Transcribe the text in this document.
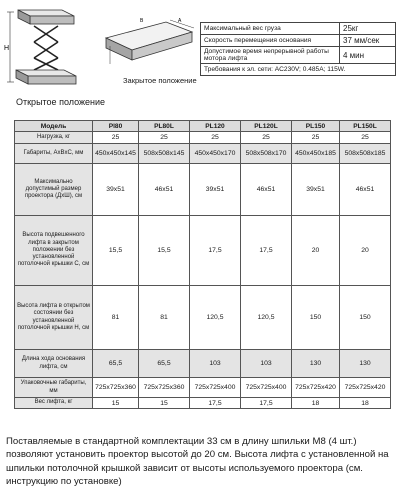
H
A
B
Закрытое положение
Открытое положение
Максимальный вес груза	25кг
Скорость перемещения основания	37 мм/сек
Допустимое время непрерывной работы мотора лифта	4 мин
Требования к эл. сети: AC230V; 0.485A; 115W.	
Модель	Pl80	PL80L	PL120	PL120L	PL150	PL150L
Нагрузка, кг	25	25	25	25	25	25
Габариты, AxBxC, мм	450x450x145	508x508x145	450x450x170	508x508x170	450x450x185	508x508x185
Максимально допустимый размер проектора (ДxШ), см	39x51	46x51	39x51	46x51	39x51	46x51
Высота подвешенного лифта в закрытом положении без установленной потолочной крышки C, см	15,5	15,5	17,5	17,5	20	20
Высота лифта в открытом состоянии без установленной потолочной крышки H, см	81	81	120,5	120,5	150	150
Длина хода основания лифта, см	65,5	65,5	103	103	130	130
Упаковочные габариты, мм	725x725x360	725x725x360	725x725x400	725x725x400	725x725x420	725x725x420
Вес лифта, кг	15	15	17,5	17,5	18	18
Поставляемые в стандартной комплектации 33 см в длину шпильки М8 (4 шт.) позволяют установить проектор высотой до 20 см. Высота лифта с установленной на шпильки потолочной крышкой зависит от высоты используемого проектора (см. инструкцию по установке)
